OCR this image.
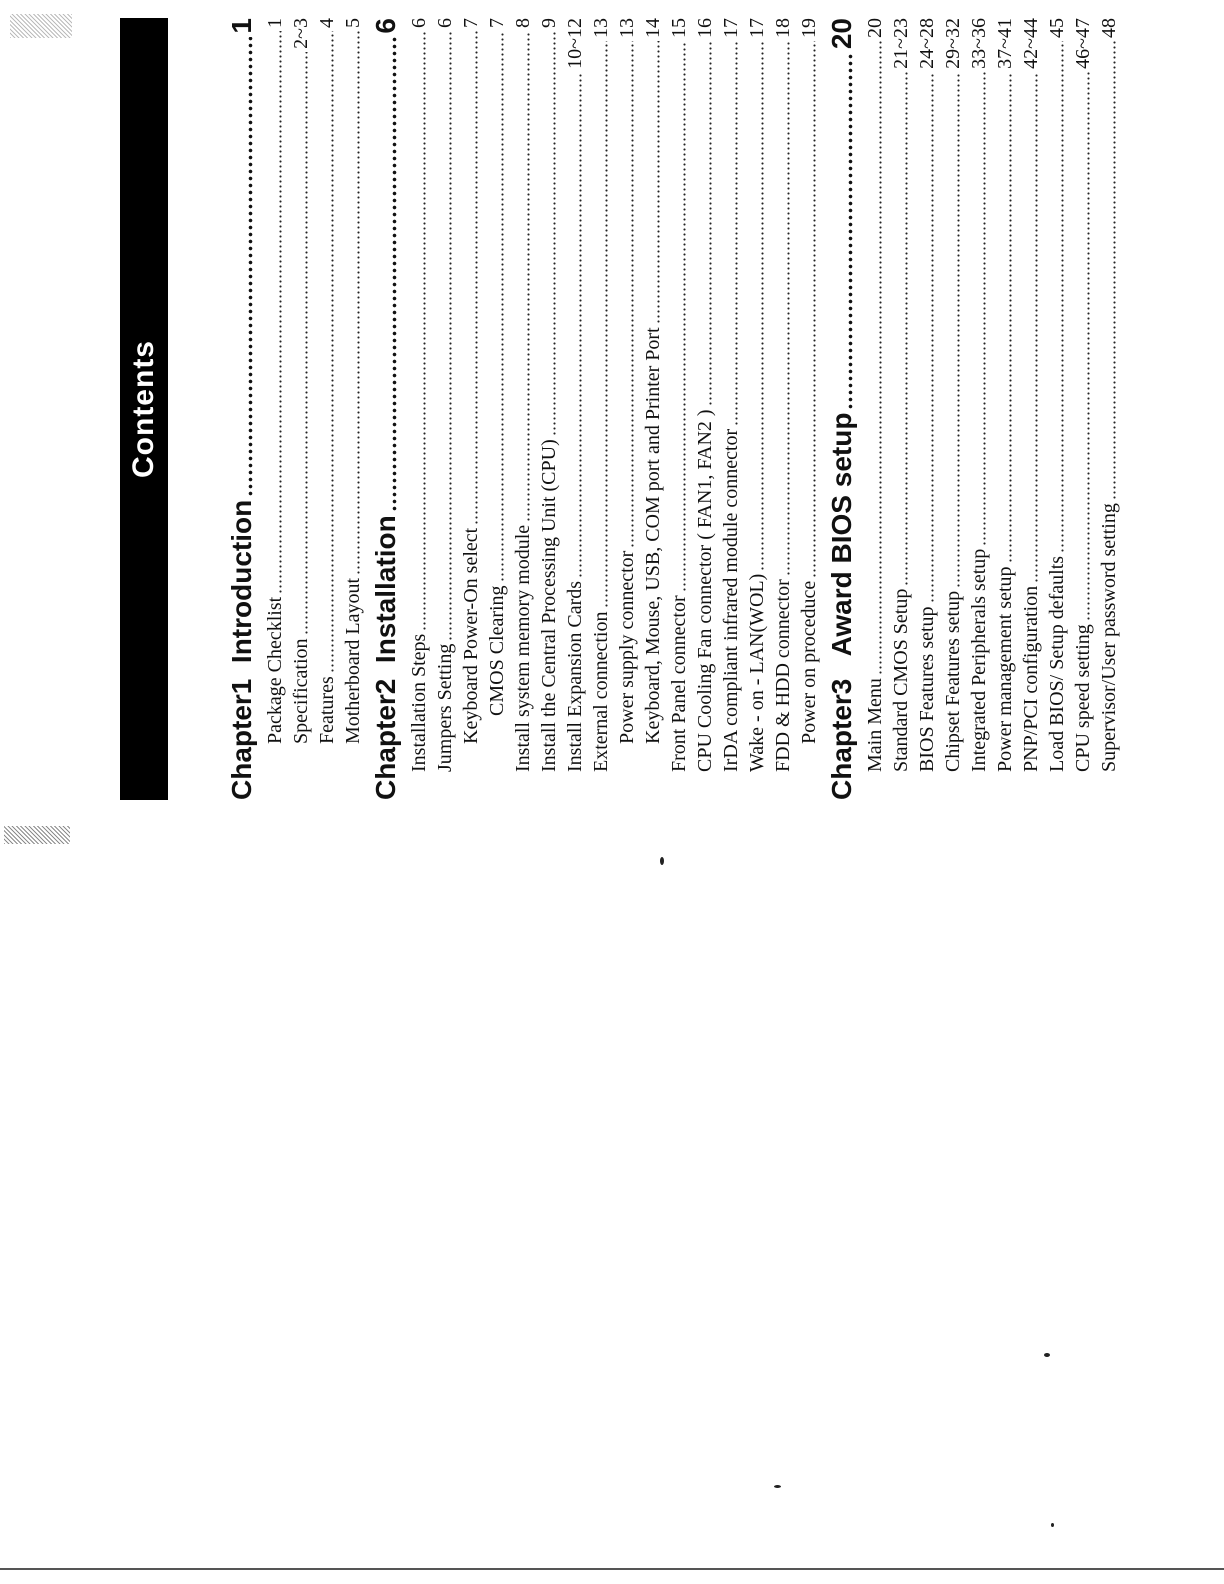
Contents
Chapter1  Introduction
1
Package Checklist
1
Specification
2~3
Features
4
Motherboard Layout
5
Chapter2  Installation
6
Installation Steps
6
Jumpers Setting
6
Keyboard Power-On select
7
CMOS Clearing
7
Install system memory module
8
Install the Central Processing Unit (CPU)
9
Install Expansion Cards
10~12
External connection
13
Power supply connector
13
Keyboard, Mouse, USB, COM port and Printer Port
14
Front Panel connector
15
CPU Cooling Fan connector ( FAN1, FAN2 )
16
IrDA compliant infrared module connector
17
Wake - on - LAN(WOL)
17
FDD & HDD connector
18
Power on proceduce
19
Chapter3   Award BIOS setup
20
Main Menu
20
Standard CMOS Setup
21~23
BIOS Features setup
24~28
Chipset Features setup
29~32
Integrated Peripherals setup
33~36
Power management setup
37~41
PNP/PCI configuration
42~44
Load BIOS/ Setup defaults
45
CPU speed setting
46~47
Supervisor/User password setting
48
